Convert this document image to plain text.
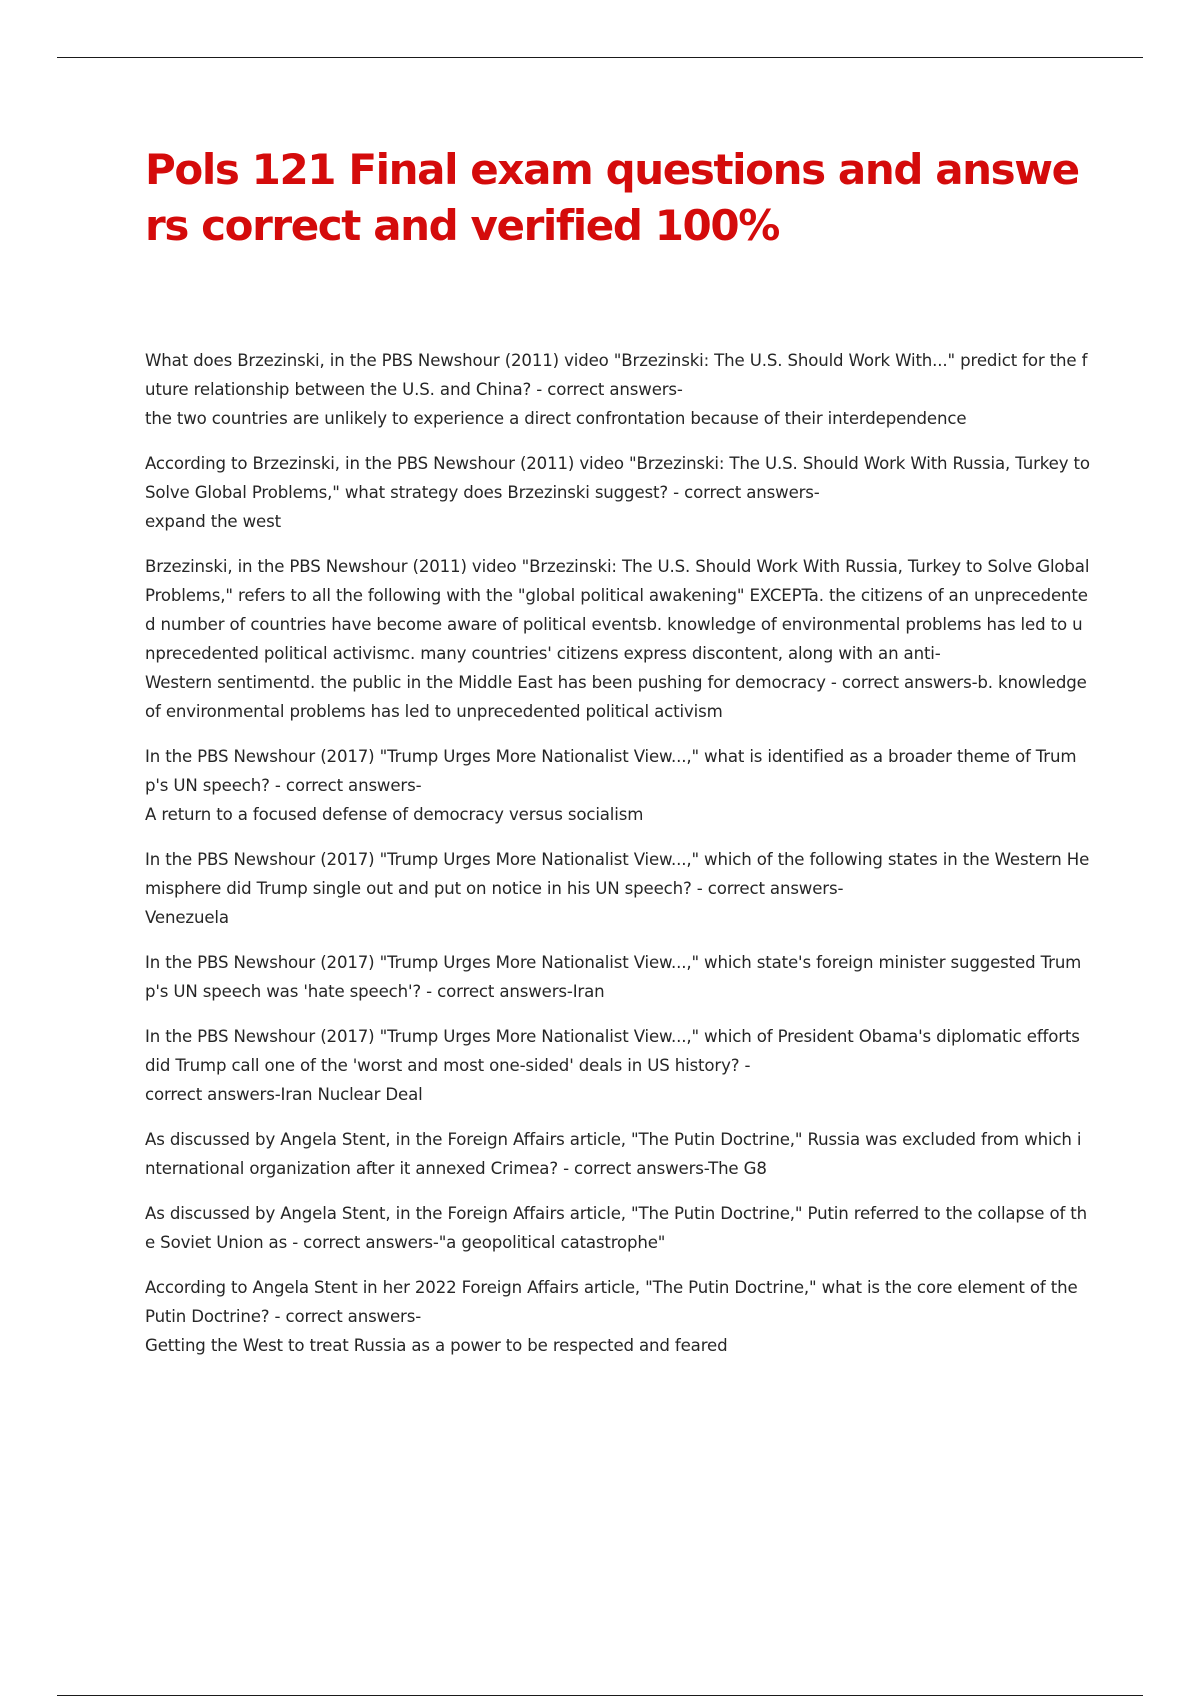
Pols 121 Final exam questions and answers correct and verified 100%
What does Brzezinski, in the PBS Newshour (2011) video "Brzezinski: The U.S. Should Work With..." predict for the future relationship between the U.S. and China? - correct answers-
the two countries are unlikely to experience a direct confrontation because of their interdependence
According to Brzezinski, in the PBS Newshour (2011) video "Brzezinski: The U.S. Should Work With Russia, Turkey to Solve Global Problems," what strategy does Brzezinski suggest? - correct answers-
expand the west
Brzezinski, in the PBS Newshour (2011) video "Brzezinski: The U.S. Should Work With Russia, Turkey to Solve Global Problems," refers to all the following with the "global political awakening" EXCEPTa. the citizens of an unprecedented number of countries have become aware of political eventsb. knowledge of environmental problems has led to unprecedented political activismc. many countries' citizens express discontent, along with an anti-
Western sentimentd. the public in the Middle East has been pushing for democracy - correct answers-b. knowledge of environmental problems has led to unprecedented political activism
In the PBS Newshour (2017) "Trump Urges More Nationalist View...," what is identified as a broader theme of Trump's UN speech? - correct answers-
A return to a focused defense of democracy versus socialism
In the PBS Newshour (2017) "Trump Urges More Nationalist View...," which of the following states in the Western Hemisphere did Trump single out and put on notice in his UN speech? - correct answers-
Venezuela
In the PBS Newshour (2017) "Trump Urges More Nationalist View...," which state's foreign minister suggested Trump's UN speech was 'hate speech'? - correct answers-Iran
In the PBS Newshour (2017) "Trump Urges More Nationalist View...," which of President Obama's diplomatic efforts did Trump call one of the 'worst and most one-sided' deals in US history? -
correct answers-Iran Nuclear Deal
As discussed by Angela Stent, in the Foreign Affairs article, "The Putin Doctrine," Russia was excluded from which international organization after it annexed Crimea? - correct answers-The G8
As discussed by Angela Stent, in the Foreign Affairs article, "The Putin Doctrine," Putin referred to the collapse of the Soviet Union as - correct answers-"a geopolitical catastrophe"
According to Angela Stent in her 2022 Foreign Affairs article, "The Putin Doctrine," what is the core element of the Putin Doctrine? - correct answers-
Getting the West to treat Russia as a power to be respected and feared
